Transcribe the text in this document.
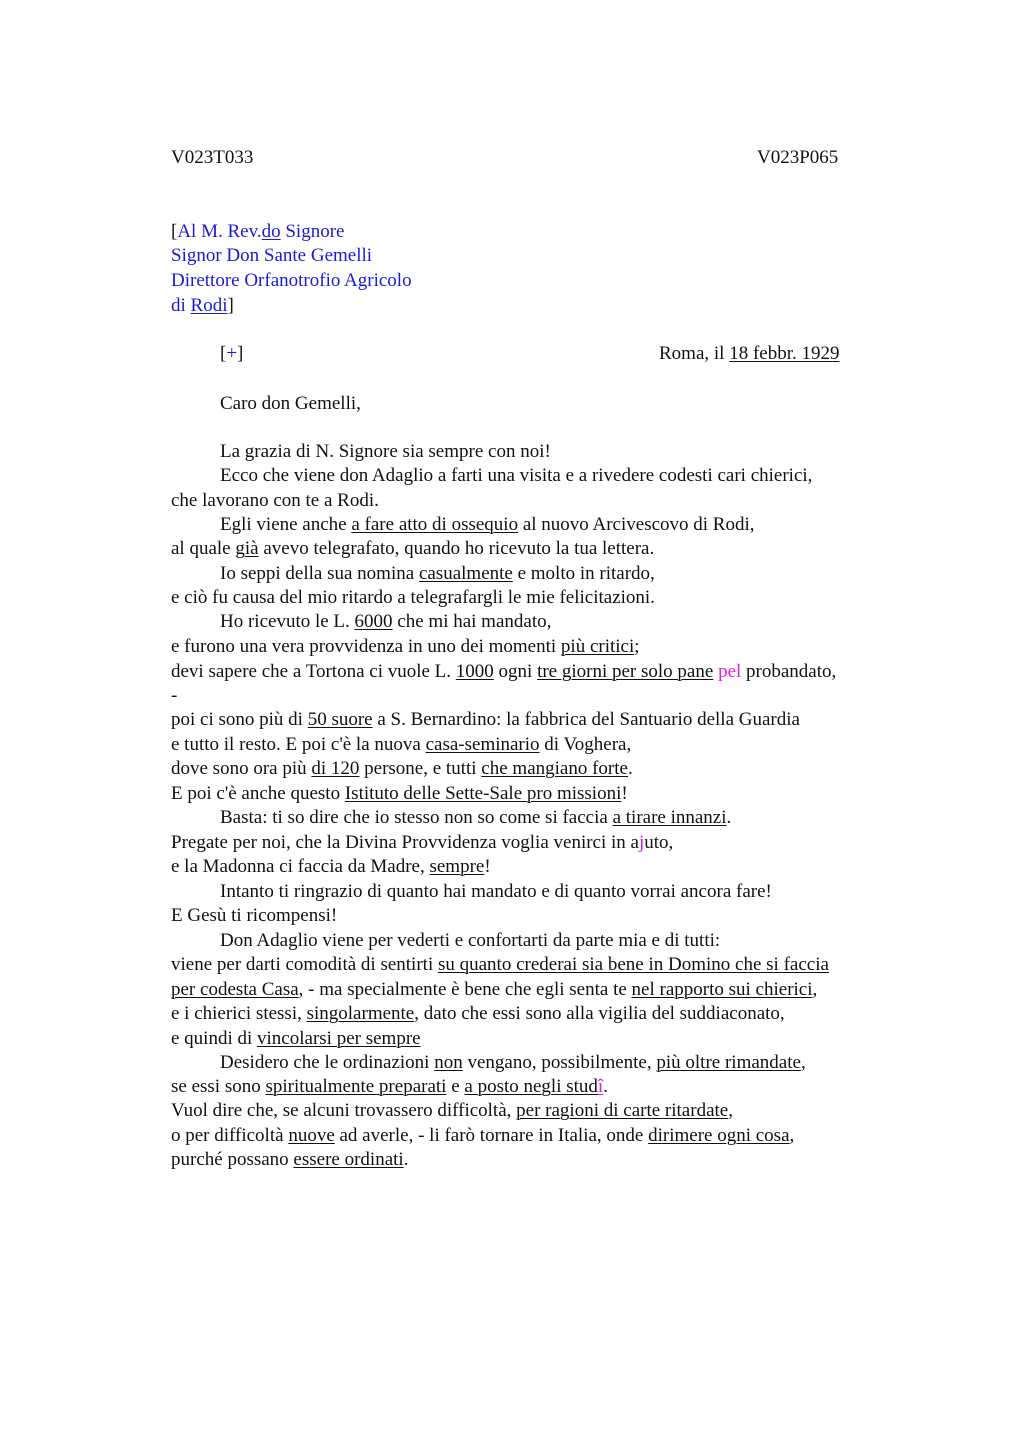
V023T033	V023P065
[Al M. Rev.do Signore
Signor Don Sante Gemelli
Direttore Orfanotrofio Agricolo
di Rodi]
[+]	Roma, il 18 febbr. 1929
Caro don Gemelli,
La grazia di N. Signore sia sempre con noi!
Ecco che viene don Adaglio a farti una visita e a rivedere codesti cari chierici,
che lavorano con te a Rodi.
Egli viene anche a fare atto di ossequio al nuovo Arcivescovo di Rodi,
al quale già avevo telegrafato, quando ho ricevuto la tua lettera.
Io seppi della sua nomina casualmente e molto in ritardo,
e ciò fu causa del mio ritardo a telegrafargli le mie felicitazioni.
Ho ricevuto le L. 6000 che mi hai mandato,
e furono una vera provvidenza in uno dei momenti più critici;
devi sapere che a Tortona ci vuole L. 1000 ogni tre giorni per solo pane pel probandato,
-
poi ci sono più di 50 suore a S. Bernardino: la fabbrica del Santuario della Guardia
e tutto il resto. E poi c'è la nuova casa-seminario di Voghera,
dove sono ora più di 120 persone, e tutti che mangiano forte.
E poi c'è anche questo Istituto delle Sette-Sale pro missioni!
Basta: ti so dire che io stesso non so come si faccia a tirare innanzi.
Pregate per noi, che la Divina Provvidenza voglia venirci in ajuto,
e la Madonna ci faccia da Madre, sempre!
Intanto ti ringrazio di quanto hai mandato e di quanto vorrai ancora fare!
E Gesù ti ricompensi!
Don Adaglio viene per vederti e confortarti da parte mia e di tutti:
viene per darti comodità di sentirti su quanto crederai sia bene in Domino che si faccia
per codesta Casa, - ma specialmente è bene che egli senta te nel rapporto sui chierici,
e i chierici stessi, singolarmente, dato che essi sono alla vigilia del suddiaconato,
e quindi di vincolarsi per sempre
Desidero che le ordinazioni non vengano, possibilmente, più oltre rimandate,
se essi sono spiritualmente preparati e a posto negli studî.
Vuol dire che, se alcuni trovassero difficoltà, per ragioni di carte ritardate,
o per difficoltà nuove ad averle, - li farò tornare in Italia, onde dirimere ogni cosa,
purché possano essere ordinati.
